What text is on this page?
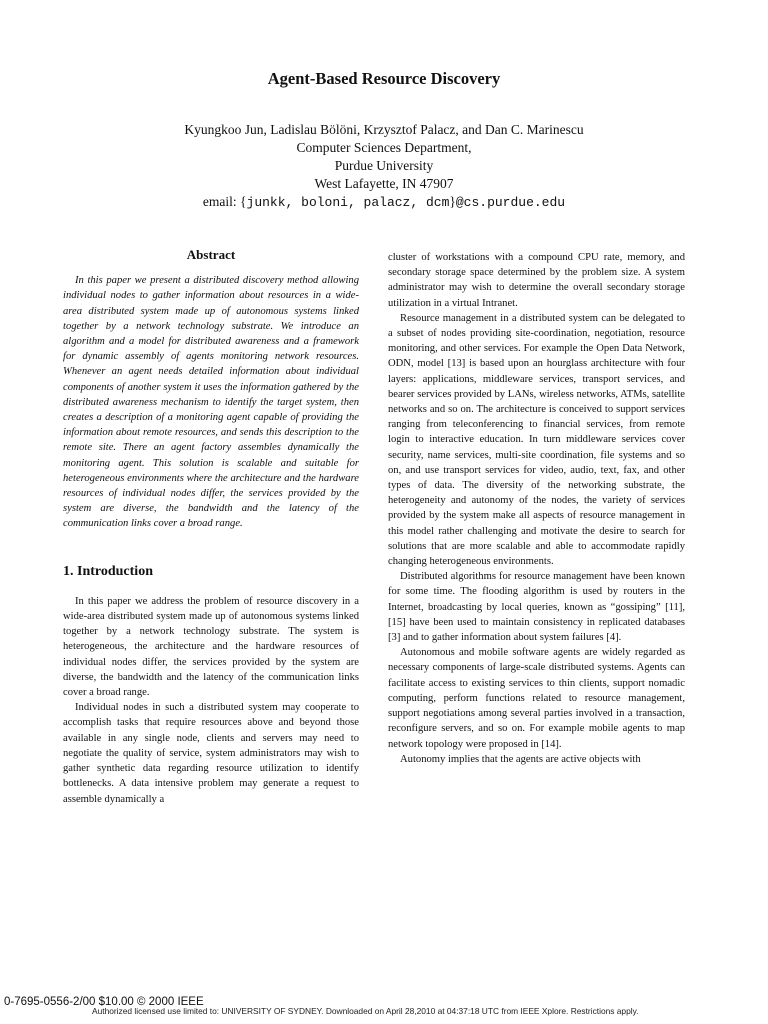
Agent-Based Resource Discovery
Kyungkoo Jun, Ladislau Bölöni, Krzysztof Palacz, and Dan C. Marinescu
Computer Sciences Department,
Purdue University
West Lafayette, IN 47907
email: {junkk, boloni, palacz, dcm}@cs.purdue.edu
Abstract

In this paper we present a distributed discovery method allowing individual nodes to gather information about resources in a wide-area distributed system made up of autonomous systems linked together by a network technology substrate. We introduce an algorithm and a model for distributed awareness and a framework for dynamic assembly of agents monitoring network resources. Whenever an agent needs detailed information about individual components of another system it uses the information gathered by the distributed awareness mechanism to identify the target system, then creates a description of a monitoring agent capable of providing the information about remote resources, and sends this description to the remote site. There an agent factory assembles dynamically the monitoring agent. This solution is scalable and suitable for heterogeneous environments where the architecture and the hardware resources of individual nodes differ, the services provided by the system are diverse, the bandwidth and the latency of the communication links cover a broad range.

1. Introduction

In this paper we address the problem of resource discovery in a wide-area distributed system made up of autonomous systems linked together by a network technology substrate. The system is heterogeneous, the architecture and the hardware resources of individual nodes differ, the services provided by the system are diverse, the bandwidth and the latency of the communication links cover a broad range.

Individual nodes in such a distributed system may cooperate to accomplish tasks that require resources above and beyond those available in any single node, clients and servers may need to negotiate the quality of service, system administrators may wish to gather synthetic data regarding resource utilization to identify bottlenecks. A data intensive problem may generate a request to assemble dynamically a

cluster of workstations with a compound CPU rate, memory, and secondary storage space determined by the problem size. A system administrator may wish to determine the overall secondary storage utilization in a virtual Intranet.

Resource management in a distributed system can be delegated to a subset of nodes providing site-coordination, negotiation, resource monitoring, and other services. For example the Open Data Network, ODN, model [13] is based upon an hourglass architecture with four layers: applications, middleware services, transport services, and bearer services provided by LANs, wireless networks, ATMs, satellite networks and so on. The architecture is conceived to support services ranging from teleconferencing to financial services, from remote login to interactive education. In turn middleware services cover security, name services, multi-site coordination, file systems and so on, and use transport services for video, audio, text, fax, and other types of data. The diversity of the networking substrate, the heterogeneity and autonomy of the nodes, the variety of services provided by the system make all aspects of resource management in this model rather challenging and motivate the desire to search for solutions that are more scalable and able to accommodate rapidly changing heterogeneous environments.

Distributed algorithms for resource management have been known for some time. The flooding algorithm is used by routers in the Internet, broadcasting by local queries, known as “gossiping” [11], [15] have been used to maintain consistency in replicated databases [3] and to gather information about system failures [4].

Autonomous and mobile software agents are widely regarded as necessary components of large-scale distributed systems. Agents can facilitate access to existing services to thin clients, support nomadic computing, perform functions related to resource management, support negotiations among several parties involved in a transaction, reconfigure servers, and so on. For example mobile agents to map network topology were proposed in [14].

Autonomy implies that the agents are active objects with

0-7695-0556-2/00 $10.00 © 2000 IEEE
Authorized licensed use limited to: UNIVERSITY OF SYDNEY. Downloaded on April 28,2010 at 04:37:18 UTC from IEEE Xplore. Restrictions apply.
